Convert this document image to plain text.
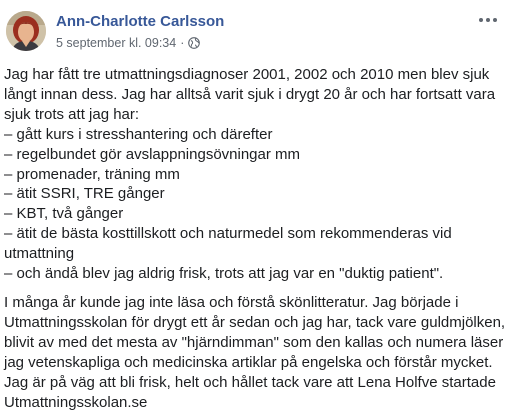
Ann-Charlotte Carlsson
5 september kl. 09:34 ·
Jag har fått tre utmattningsdiagnoser 2001, 2002 och 2010 men blev sjuk
långt innan dess. Jag har alltså varit sjuk i drygt 20 år och har fortsatt vara
sjuk trots att jag har:
– gått kurs i stresshantering och därefter
– regelbundet gör avslappningsövningar mm
– promenader, träning mm
– ätit SSRI, TRE gånger
– KBT, två gånger
– ätit de bästa kosttillskott och naturmedel som rekommenderas vid
utmattning
– och ändå blev jag aldrig frisk, trots att jag var en "duktig patient".
I många år kunde jag inte läsa och förstå skönlitteratur. Jag började i
Utmattningsskolan för drygt ett år sedan och jag har, tack vare guldmjölken,
blivit av med det mesta av "hjärndimman" som den kallas och numera läser
jag vetenskapliga och medicinska artiklar på engelska och förstår mycket.
Jag är på väg att bli frisk, helt och hållet tack vare att Lena Holfve startade
Utmattningsskolan.se
